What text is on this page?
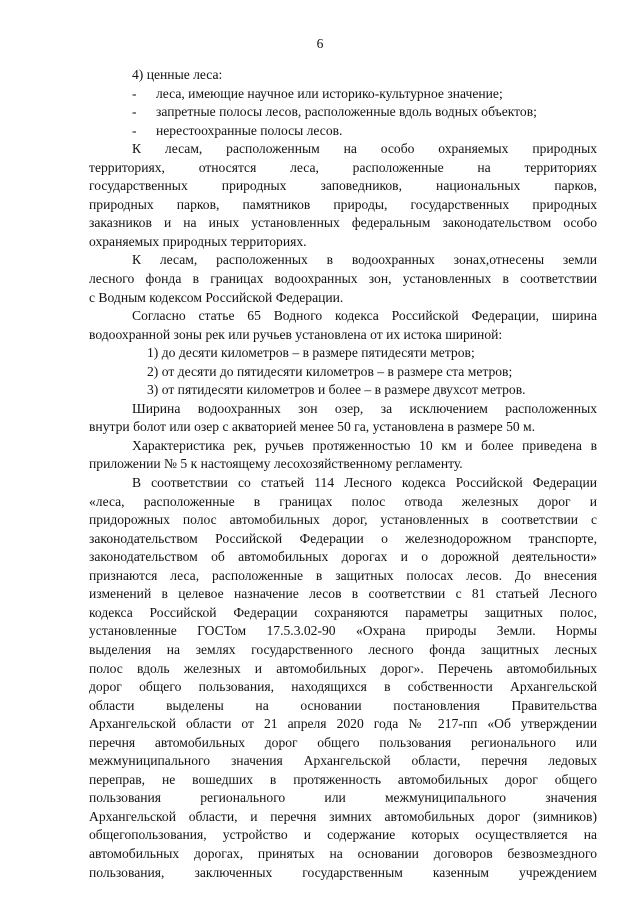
6
4) ценные леса:
- леса, имеющие научное или историко-культурное значение;
- запретные полосы лесов, расположенные вдоль водных объектов;
- нерестоохранные полосы лесов.
К лесам, расположенным на особо охраняемых природных
территориях, относятся леса, расположенные на территориях
государственных природных заповедников, национальных парков,
природных парков, памятников природы, государственных природных
заказников и на иных установленных федеральным законодательством особо
охраняемых природных территориях.
К лесам, расположенных в водоохранных зонах,отнесены земли
лесного фонда в границах водоохранных зон, установленных в соответствии
с Водным кодексом Российской Федерации.
Согласно статье 65 Водного кодекса Российской Федерации, ширина
водоохранной зоны рек или ручьев установлена от их истока шириной:
1) до десяти километров – в размере пятидесяти метров;
2) от десяти до пятидесяти километров – в размере ста метров;
3) от пятидесяти километров и более – в размере двухсот метров.
Ширина водоохранных зон озер, за исключением расположенных
внутри болот или озер с акваторией менее 50 га, установлена в размере 50 м.
Характеристика рек, ручьев протяженностью 10 км и более приведена в
приложении № 5 к настоящему лесохозяйственному регламенту.
В соответствии со статьей 114 Лесного кодекса Российской Федерации
«леса, расположенные в границах полос отвода железных дорог и
придорожных полос автомобильных дорог, установленных в соответствии с
законодательством Российской Федерации о железнодорожном транспорте,
законодательством об автомобильных дорогах и о дорожной деятельности»
признаются леса, расположенные в защитных полосах лесов. До внесения
изменений в целевое назначение лесов в соответствии с 81 статьей Лесного
кодекса Российской Федерации сохраняются параметры защитных полос,
установленные ГОСТом 17.5.3.02-90 «Охрана природы Земли. Нормы
выделения на землях государственного лесного фонда защитных лесных
полос вдоль железных и автомобильных дорог». Перечень автомобильных
дорог общего пользования, находящихся в собственности Архангельской
области выделены на основании постановления Правительства
Архангельской области от 21 апреля 2020 года № 217-пп «Об утверждении
перечня автомобильных дорог общего пользования регионального или
межмуниципального значения Архангельской области, перечня ледовых
переправ, не вошедших в протяженность автомобильных дорог общего
пользования регионального или межмуниципального значения
Архангельской области, и перечня зимних автомобильных дорог (зимников)
общегопользования, устройство и содержание которых осуществляется на
автомобильных дорогах, принятых на основании договоров безвозмездного
пользования, заключенных государственным казенным учреждением
